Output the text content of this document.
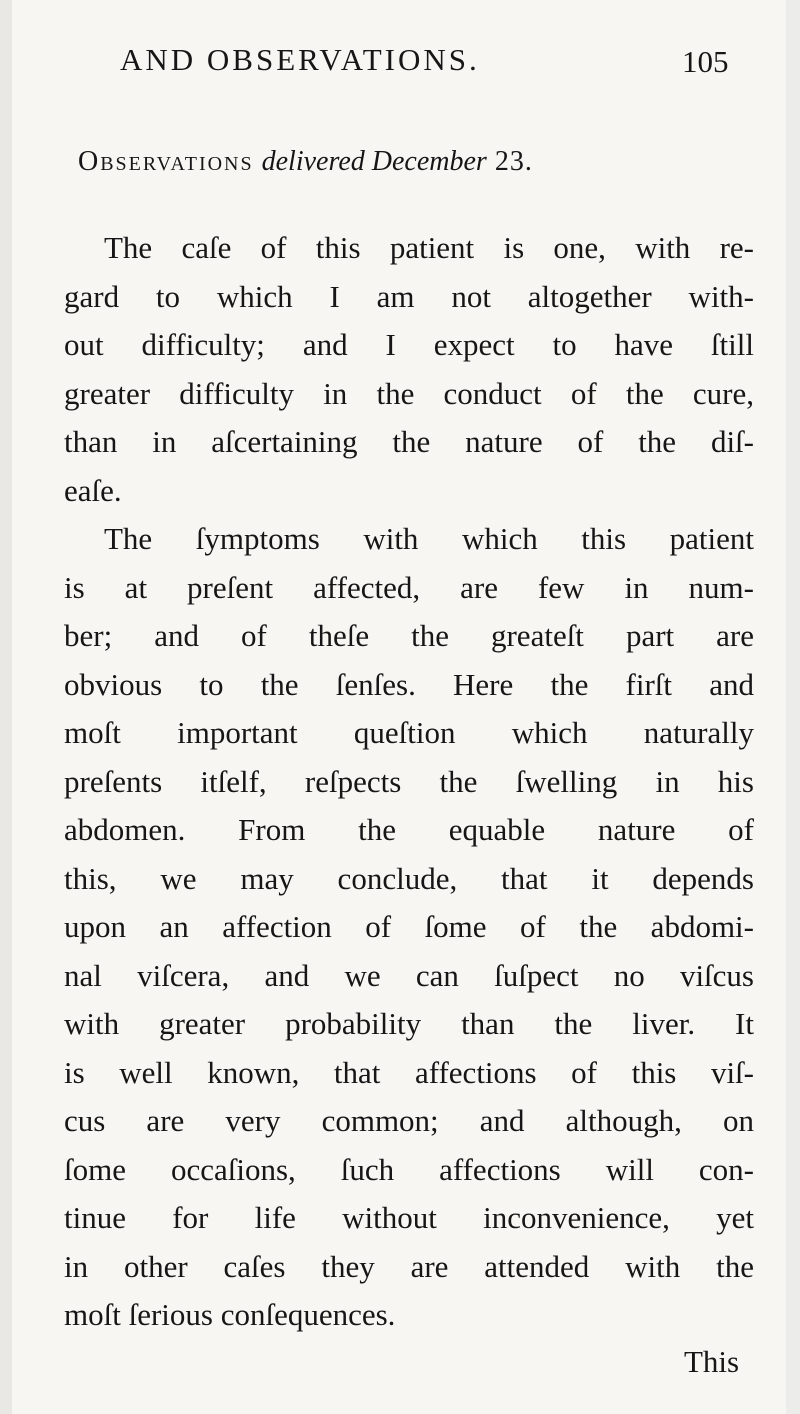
AND OBSERVATIONS.	105
Observations delivered December 23.
The caſe of this patient is one, with re-
gard to which I am not altogether with-
out difficulty; and I expect to have ſtill
greater difficulty in the conduct of the cure,
than in aſcertaining the nature of the diſ-
eaſe.
The ſymptoms with which this patient
is at preſent affected, are few in num-
ber; and of theſe the greateſt part are
obvious to the ſenſes. Here the firſt and
moſt important queſtion which naturally
preſents itſelf, reſpects the ſwelling in his
abdomen. From the equable nature of
this, we may conclude, that it depends
upon an affection of ſome of the abdomi-
nal viſcera, and we can ſuſpect no viſcus
with greater probability than the liver. It
is well known, that affections of this viſ-
cus are very common; and although, on
ſome occaſions, ſuch affections will con-
tinue for life without inconvenience, yet
in other caſes they are attended with the
moſt ſerious conſequences.
This
